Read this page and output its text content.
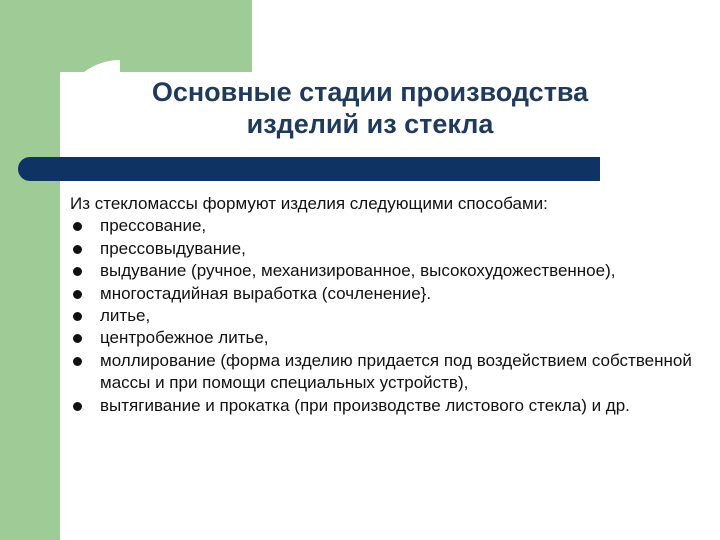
Основные стадии производства
изделий из стекла

Из стекломассы формуют изделия следующими способами:

прессование,
прессовыдувание,
выдувание (ручное, механизированное, высокохудожественное),
многостадийная выработка (сочленение}.
литье,
центробежное литье,
моллирование (форма изделию придается под воздействием собственной массы и при помощи специальных устройств),
вытягивание и прокатка (при производстве листового стекла) и др.
